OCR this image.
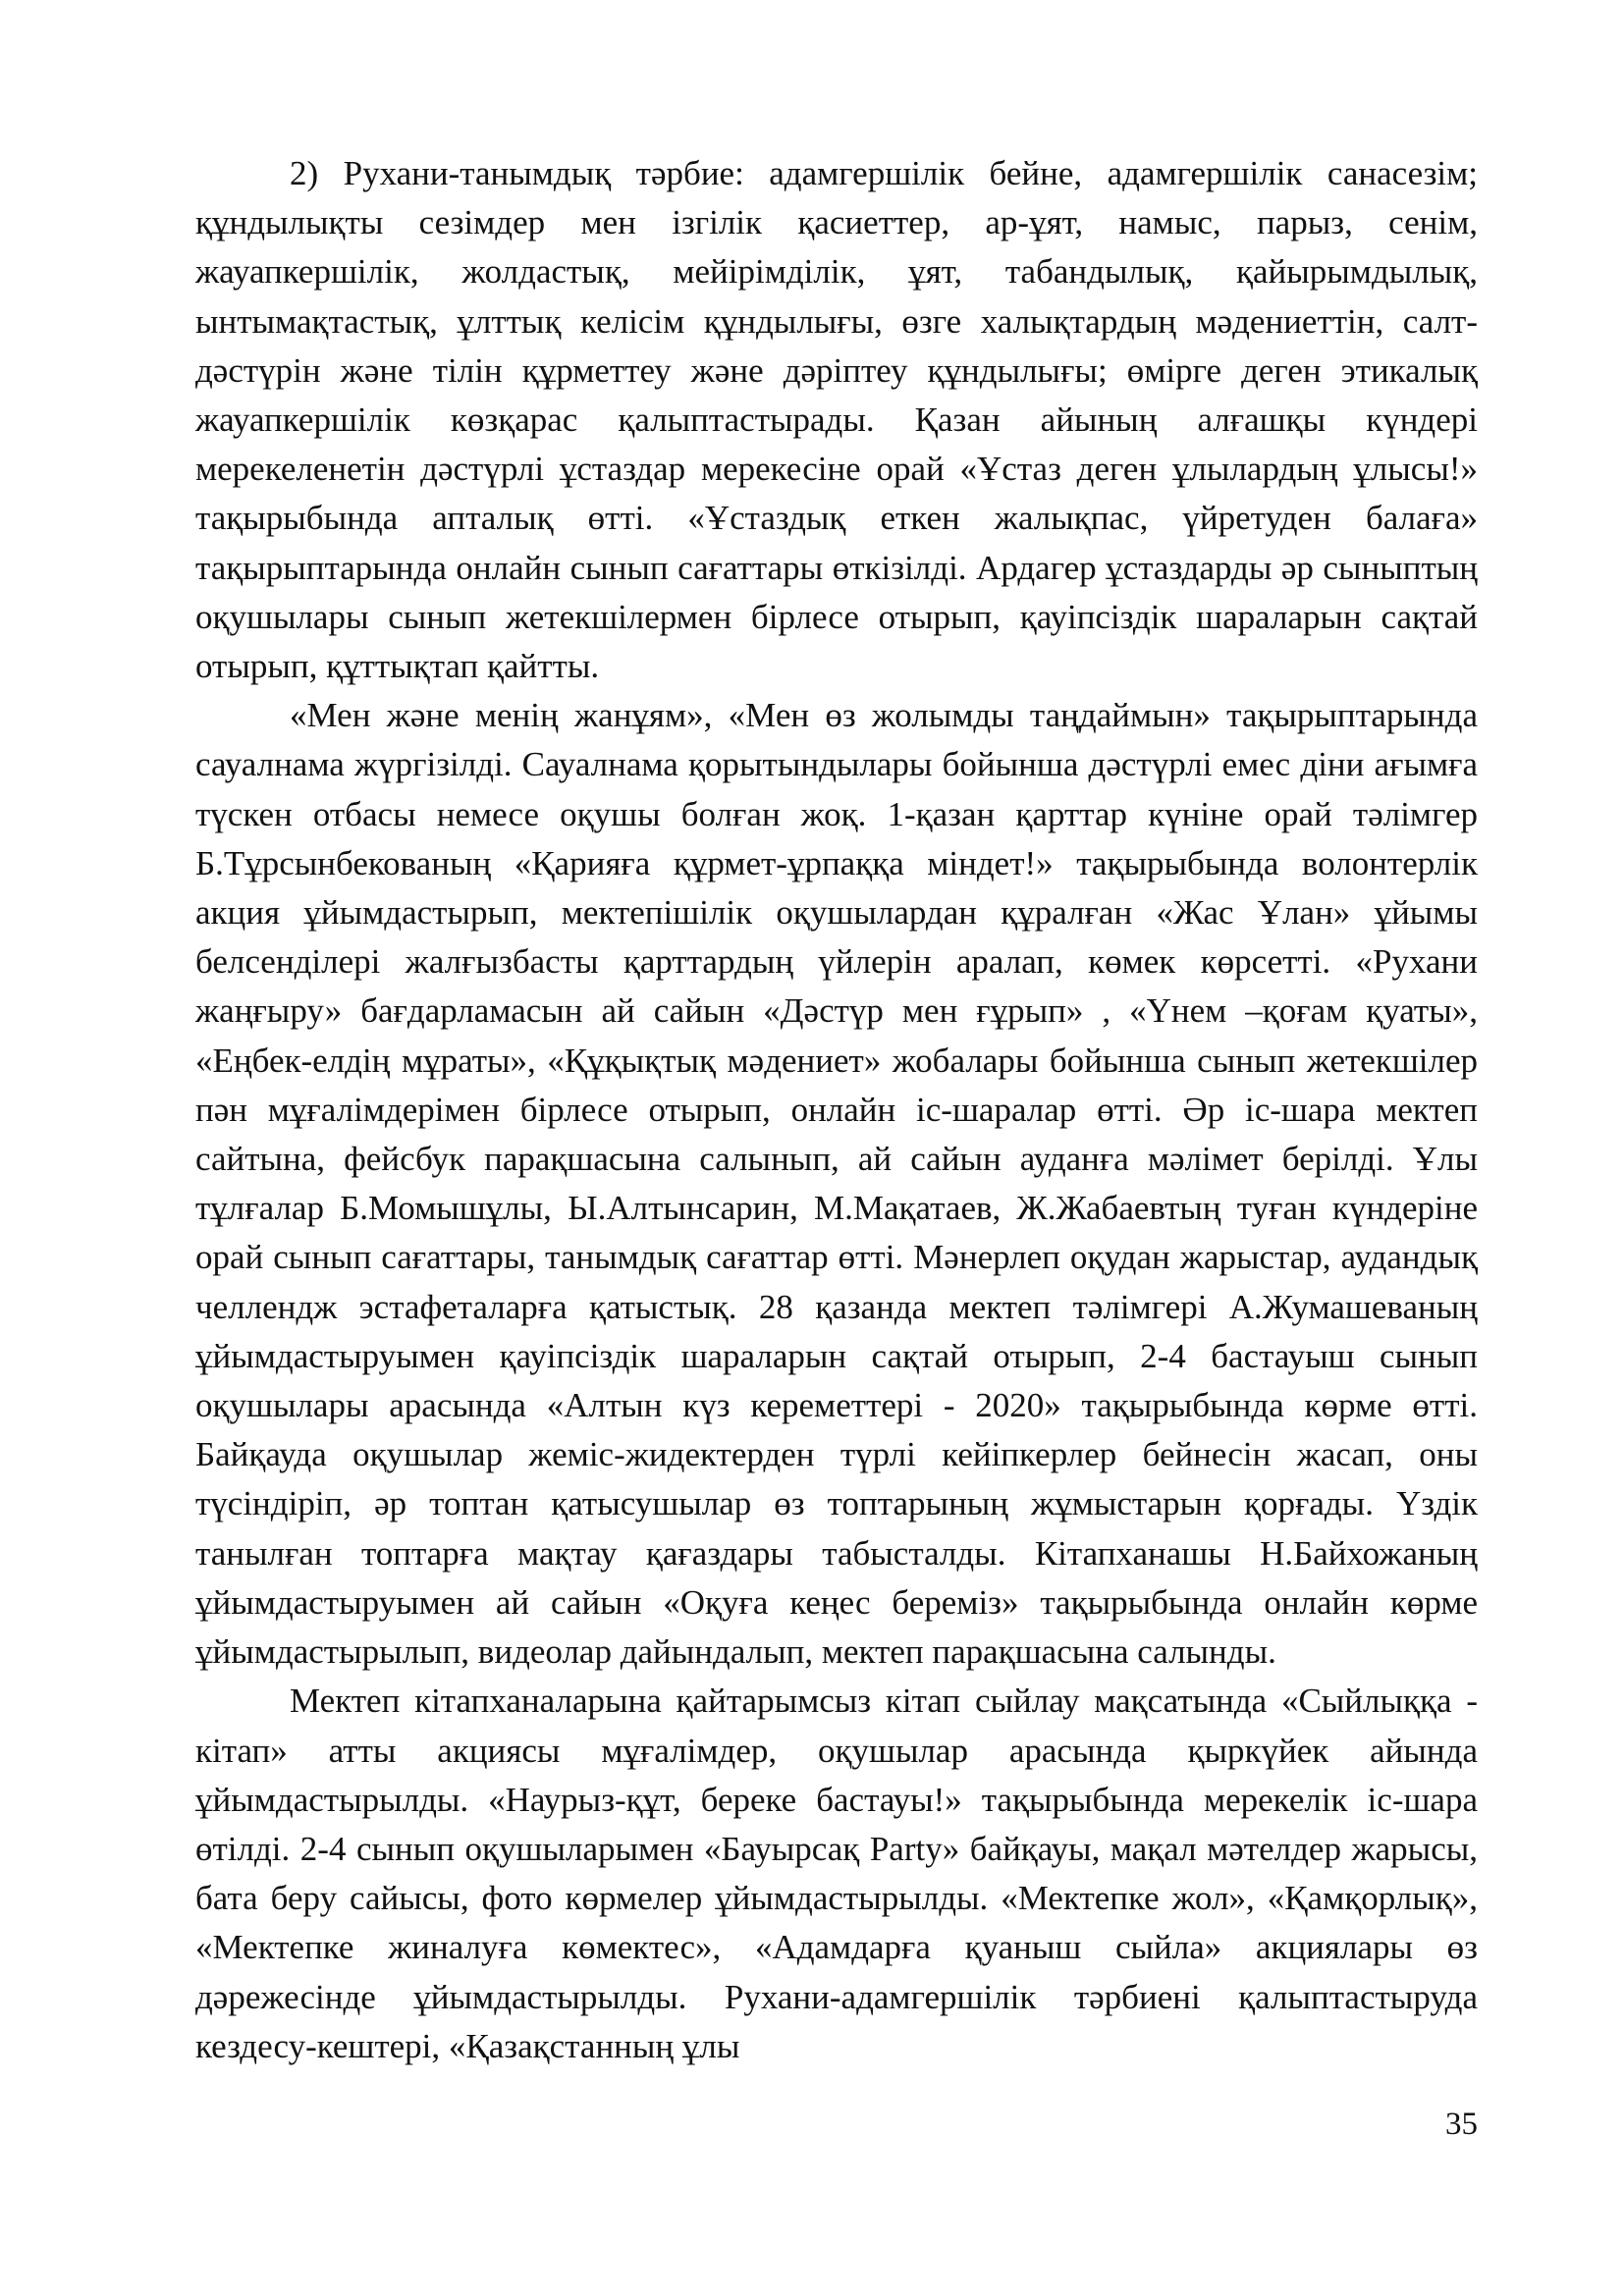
2) Рухани-танымдық тәрбие: адамгершілік бейне, адамгершілік санасезім; құндылықты сезімдер мен ізгілік қасиеттер, ар-ұят, намыс, парыз, сенім, жауапкершілік, жолдастық, мейірімділік, ұят, табандылық, қайырымдылық, ынтымақтастық, ұлттық келісім құндылығы, өзге халықтардың мәдениеттін, салт-дәстүрін және тілін құрметтеу және дәріптеу құндылығы; өмірге деген этикалық жауапкершілік көзқарас қалыптастырады. Қазан айының алғашқы күндері мерекеленетін дәстүрлі ұстаздар мерекесіне орай «Ұстаз деген ұлылардың ұлысы!» тақырыбында апталық өтті. «Ұстаздық еткен жалықпас, үйретуден балаға» тақырыптарында онлайн сынып сағаттары өткізілді. Ардагер ұстаздарды әр сыныптың оқушылары сынып жетекшілермен бірлесе отырып, қауіпсіздік шараларын сақтай отырып, құттықтап қайтты.

«Мен және менің жанұям», «Мен өз жолымды таңдаймын» тақырыптарында сауалнама жүргізілді. Сауалнама қорытындылары бойынша дәстүрлі емес діни ағымға түскен отбасы немесе оқушы болған жоқ. 1-қазан қарттар күніне орай тәлімгер Б.Тұрсынбекованың «Қарияға құрмет-ұрпаққа міндет!» тақырыбында волонтерлік акция ұйымдастырып, мектепішілік оқушылардан құралған «Жас Ұлан» ұйымы белсенділері жалғызбасты қарттардың үйлерін аралап, көмек көрсетті. «Рухани жаңғыру» бағдарламасын ай сайын «Дәстүр мен ғұрып» , «Үнем –қоғам қуаты», «Еңбек-елдің мұраты», «Құқықтық мәдениет» жобалары бойынша сынып жетекшілер пән мұғалімдерімен бірлесе отырып, онлайн іс-шаралар өтті. Әр іс-шара мектеп сайтына, фейсбук парақшасына салынып, ай сайын ауданға мәлімет берілді. Ұлы тұлғалар Б.Момышұлы, Ы.Алтынсарин, М.Мақатаев, Ж.Жабаевтың туған күндеріне орай сынып сағаттары, танымдық сағаттар өтті. Мәнерлеп оқудан жарыстар, аудандық челлендж эстафеталарға қатыстық. 28 қазанда мектеп тәлімгері А.Жумашеваның ұйымдастыруымен қауіпсіздік шараларын сақтай отырып, 2-4 бастауыш сынып оқушылары арасында «Алтын күз кереметтері - 2020» тақырыбында көрме өтті. Байқауда оқушылар жеміс-жидектерден түрлі кейіпкерлер бейнесін жасап, оны түсіндіріп, әр топтан қатысушылар өз топтарының жұмыстарын қорғады. Үздік танылған топтарға мақтау қағаздары табысталды. Кітапханашы Н.Байхожаның ұйымдастыруымен ай сайын «Оқуға кеңес береміз» тақырыбында онлайн көрме ұйымдастырылып, видеолар дайындалып, мектеп парақшасына салынды.

Мектеп кітапханаларына қайтарымсыз кітап сыйлау мақсатында «Сыйлыққа - кітап» атты акциясы мұғалімдер, оқушылар арасында қыркүйек айында ұйымдастырылды. «Наурыз-құт, береке бастауы!» тақырыбында мерекелік іс-шара өтілді. 2-4 сынып оқушыларымен «Бауырсақ Party» байқауы, мақал мәтелдер жарысы, бата беру сайысы, фото көрмелер ұйымдастырылды. «Мектепке жол», «Қамқорлық», «Мектепке жиналуға көмектес», «Адамдарға қуаныш сыйла» акциялары өз дәрежесінде ұйымдастырылды. Рухани-адамгершілік тәрбиені қалыптастыруда кездесу-кештері, «Қазақстанның ұлы

35
